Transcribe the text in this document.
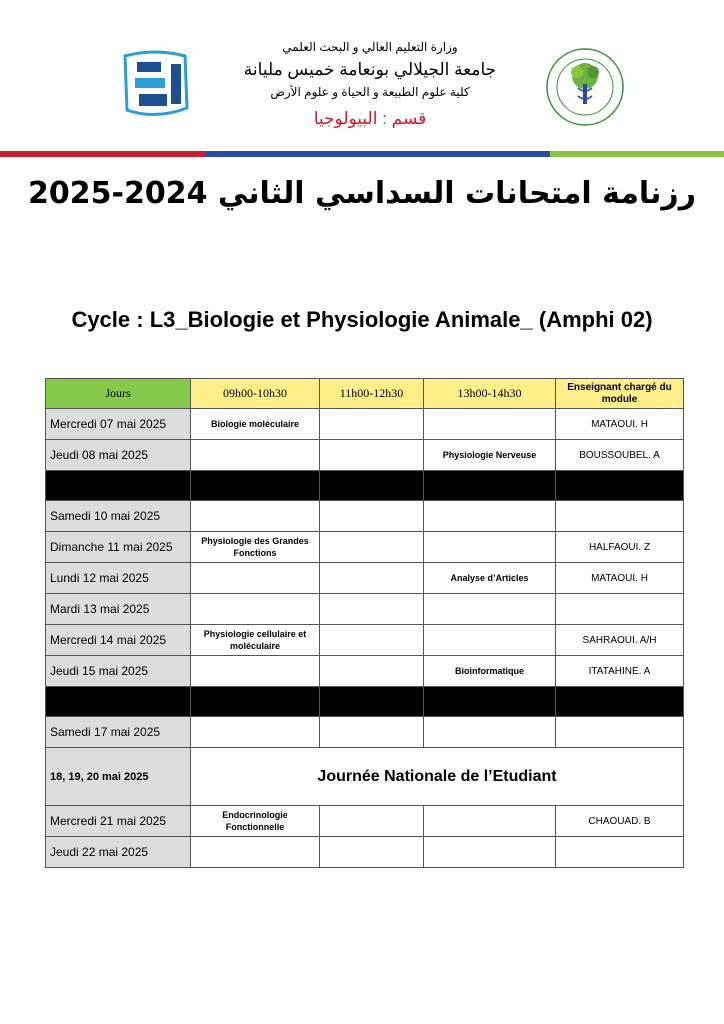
وزارة التعليم العالي و البحث العلمي
جامعة الجيلالي بونعامة خميس مليانة
كلية علوم الطبيعة و الحياة و علوم الأرض
قسم : البيولوجيا
رزنامة امتحانات السداسي الثاني 2024-2025
Cycle : L3_Biologie et Physiologie Animale_ (Amphi 02)
Jours	09h00-10h30	11h00-12h30	13h00-14h30	Enseignant chargé du module
Mercredi 07 mai 2025	Biologie moléculaire			MATAOUI. H
Jeudi 08 mai 2025			Physiologie Nerveuse	BOUSSOUBEL. A

Samedi 10 mai 2025				
Dimanche 11 mai 2025	Physiologie des Grandes Fonctions			HALFAOUI. Z
Lundi 12 mai 2025			Analyse d’Articles	MATAOUI. H
Mardi 13 mai 2025				
Mercredi 14 mai 2025	Physiologie cellulaire et moléculaire			SAHRAOUI. A/H
Jeudi 15 mai 2025			Bioinformatique	ITATAHINE. A

Samedi 17 mai 2025				
18, 19, 20 mai 2025	Journée Nationale de l’Etudiant			
Mercredi 21 mai 2025	Endocrinologie Fonctionnelle			CHAOUAD. B
Jeudi 22 mai 2025				
